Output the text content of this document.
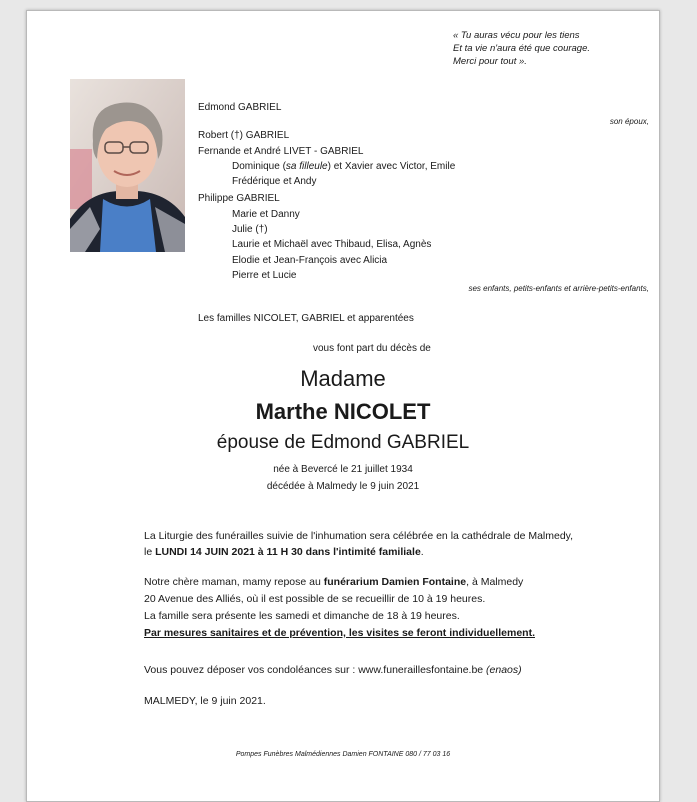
« Tu auras vécu pour les tiens
Et ta vie n'aura été que courage.
Merci pour tout ».
Edmond GABRIEL
son époux,
Robert (†) GABRIEL
Fernande et André LIVET - GABRIEL
Dominique (sa filleule) et Xavier avec Victor, Emile
Frédérique et Andy
Philippe GABRIEL
Marie et Danny
Julie (†)
Laurie et Michaël avec Thibaud, Elisa, Agnès
Elodie et Jean-François avec Alicia
Pierre et Lucie
ses enfants, petits-enfants et arrière-petits-enfants,
Les familles NICOLET, GABRIEL et apparentées
vous font part du décès de
Madame
Marthe NICOLET
épouse de Edmond GABRIEL
née à Bevercé le 21 juillet 1934
décédée à Malmedy le 9 juin 2021
La Liturgie des funérailles suivie de l'inhumation sera célébrée en la cathédrale de Malmedy,
le LUNDI 14 JUIN 2021 à 11 H 30 dans l'intimité familiale.
Notre chère maman, mamy repose au funérarium Damien Fontaine, à Malmedy
20 Avenue des Alliés, où il est possible de se recueillir de 10 à 19 heures.
La famille sera présente les samedi et dimanche de 18 à 19 heures.
Par mesures sanitaires et de prévention, les visites se feront individuellement.
Vous pouvez déposer vos condoléances sur : www.funeraillesfontaine.be (enaos)
MALMEDY, le 9 juin 2021.
Pompes Funèbres Malmédiennes Damien FONTAINE 080 / 77 03 16
